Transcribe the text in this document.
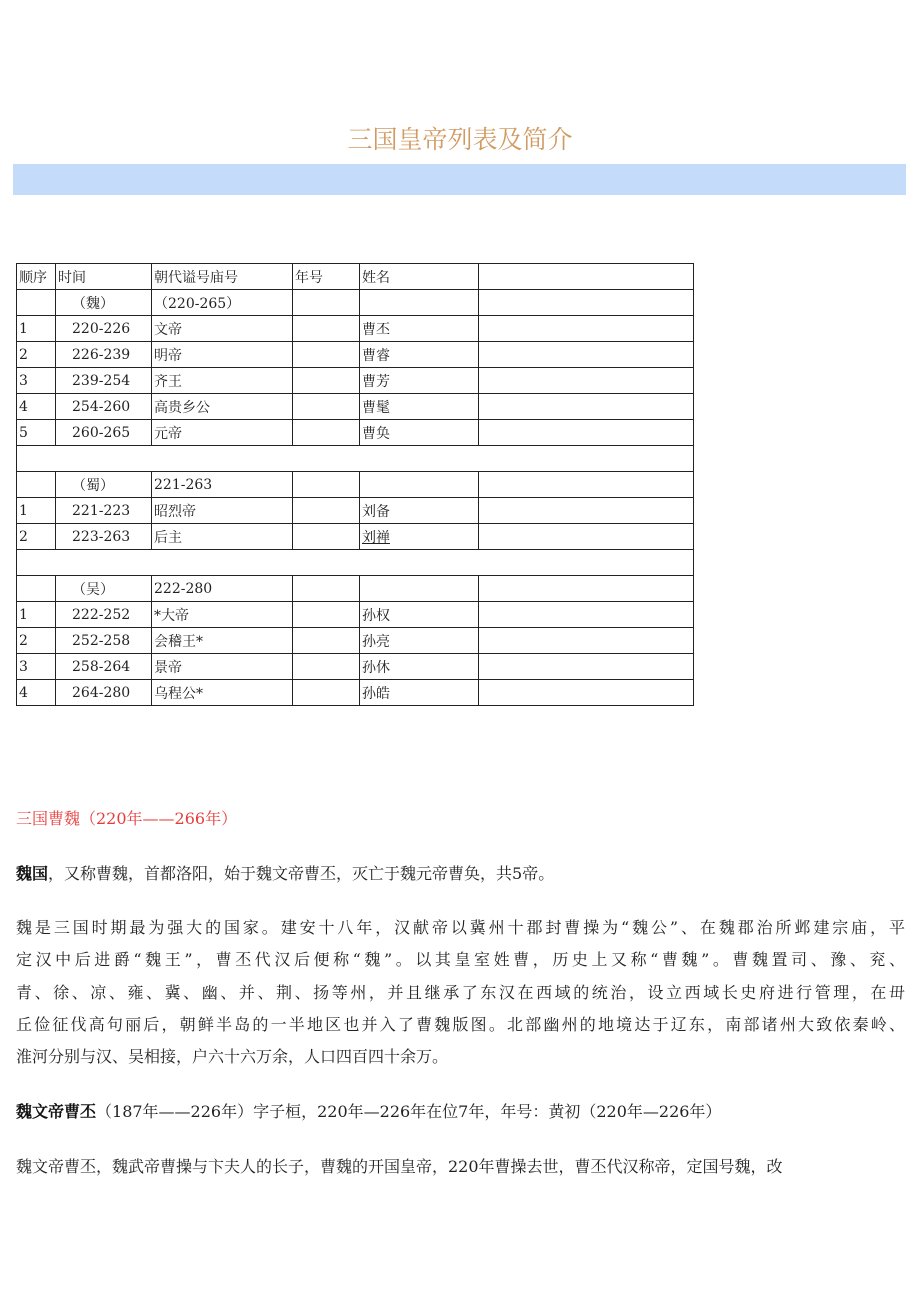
三国皇帝列表及简介
顺序	时间	朝代谥号庙号	年号	姓名	
	（魏）	（220-265）			
1	220-226	文帝		曹丕	
2	226-239	明帝		曹睿	
3	239-254	齐王		曹芳	
4	254-260	高贵乡公		曹髦	
5	260-265	元帝		曹奂	

	（蜀）	221-263			
1	221-223	昭烈帝		刘备	
2	223-263	后主		刘禅	

	（吴）	222-280			
1	222-252	*大帝		孙权	
2	252-258	会稽王*		孙亮	
3	258-264	景帝		孙休	
4	264-280	乌程公*		孙皓	
三国曹魏（220年——266年）
魏国，又称曹魏，首都洛阳，始于魏文帝曹丕，灭亡于魏元帝曹奂，共5帝。
魏是三国时期最为强大的国家。建安十八年，汉献帝以冀州十郡封曹操为“魏公”、在魏郡治所邺建宗庙，平
定汉中后进爵“魏王”，曹丕代汉后便称“魏”。以其皇室姓曹，历史上又称“曹魏”。曹魏置司、豫、兖、
青、徐、凉、雍、冀、幽、并、荆、扬等州，并且继承了东汉在西域的统治，设立西域长史府进行管理，在毌
丘俭征伐高句丽后，朝鲜半岛的一半地区也并入了曹魏版图。北部幽州的地境达于辽东，南部诸州大致依秦岭、
淮河分别与汉、吴相接，户六十六万余，人口四百四十余万。
魏文帝曹丕（187年——226年）字子桓，220年—226年在位7年，年号：黄初（220年—226年）
魏文帝曹丕，魏武帝曹操与卞夫人的长子，曹魏的开国皇帝，220年曹操去世，曹丕代汉称帝，定国号魏，改
